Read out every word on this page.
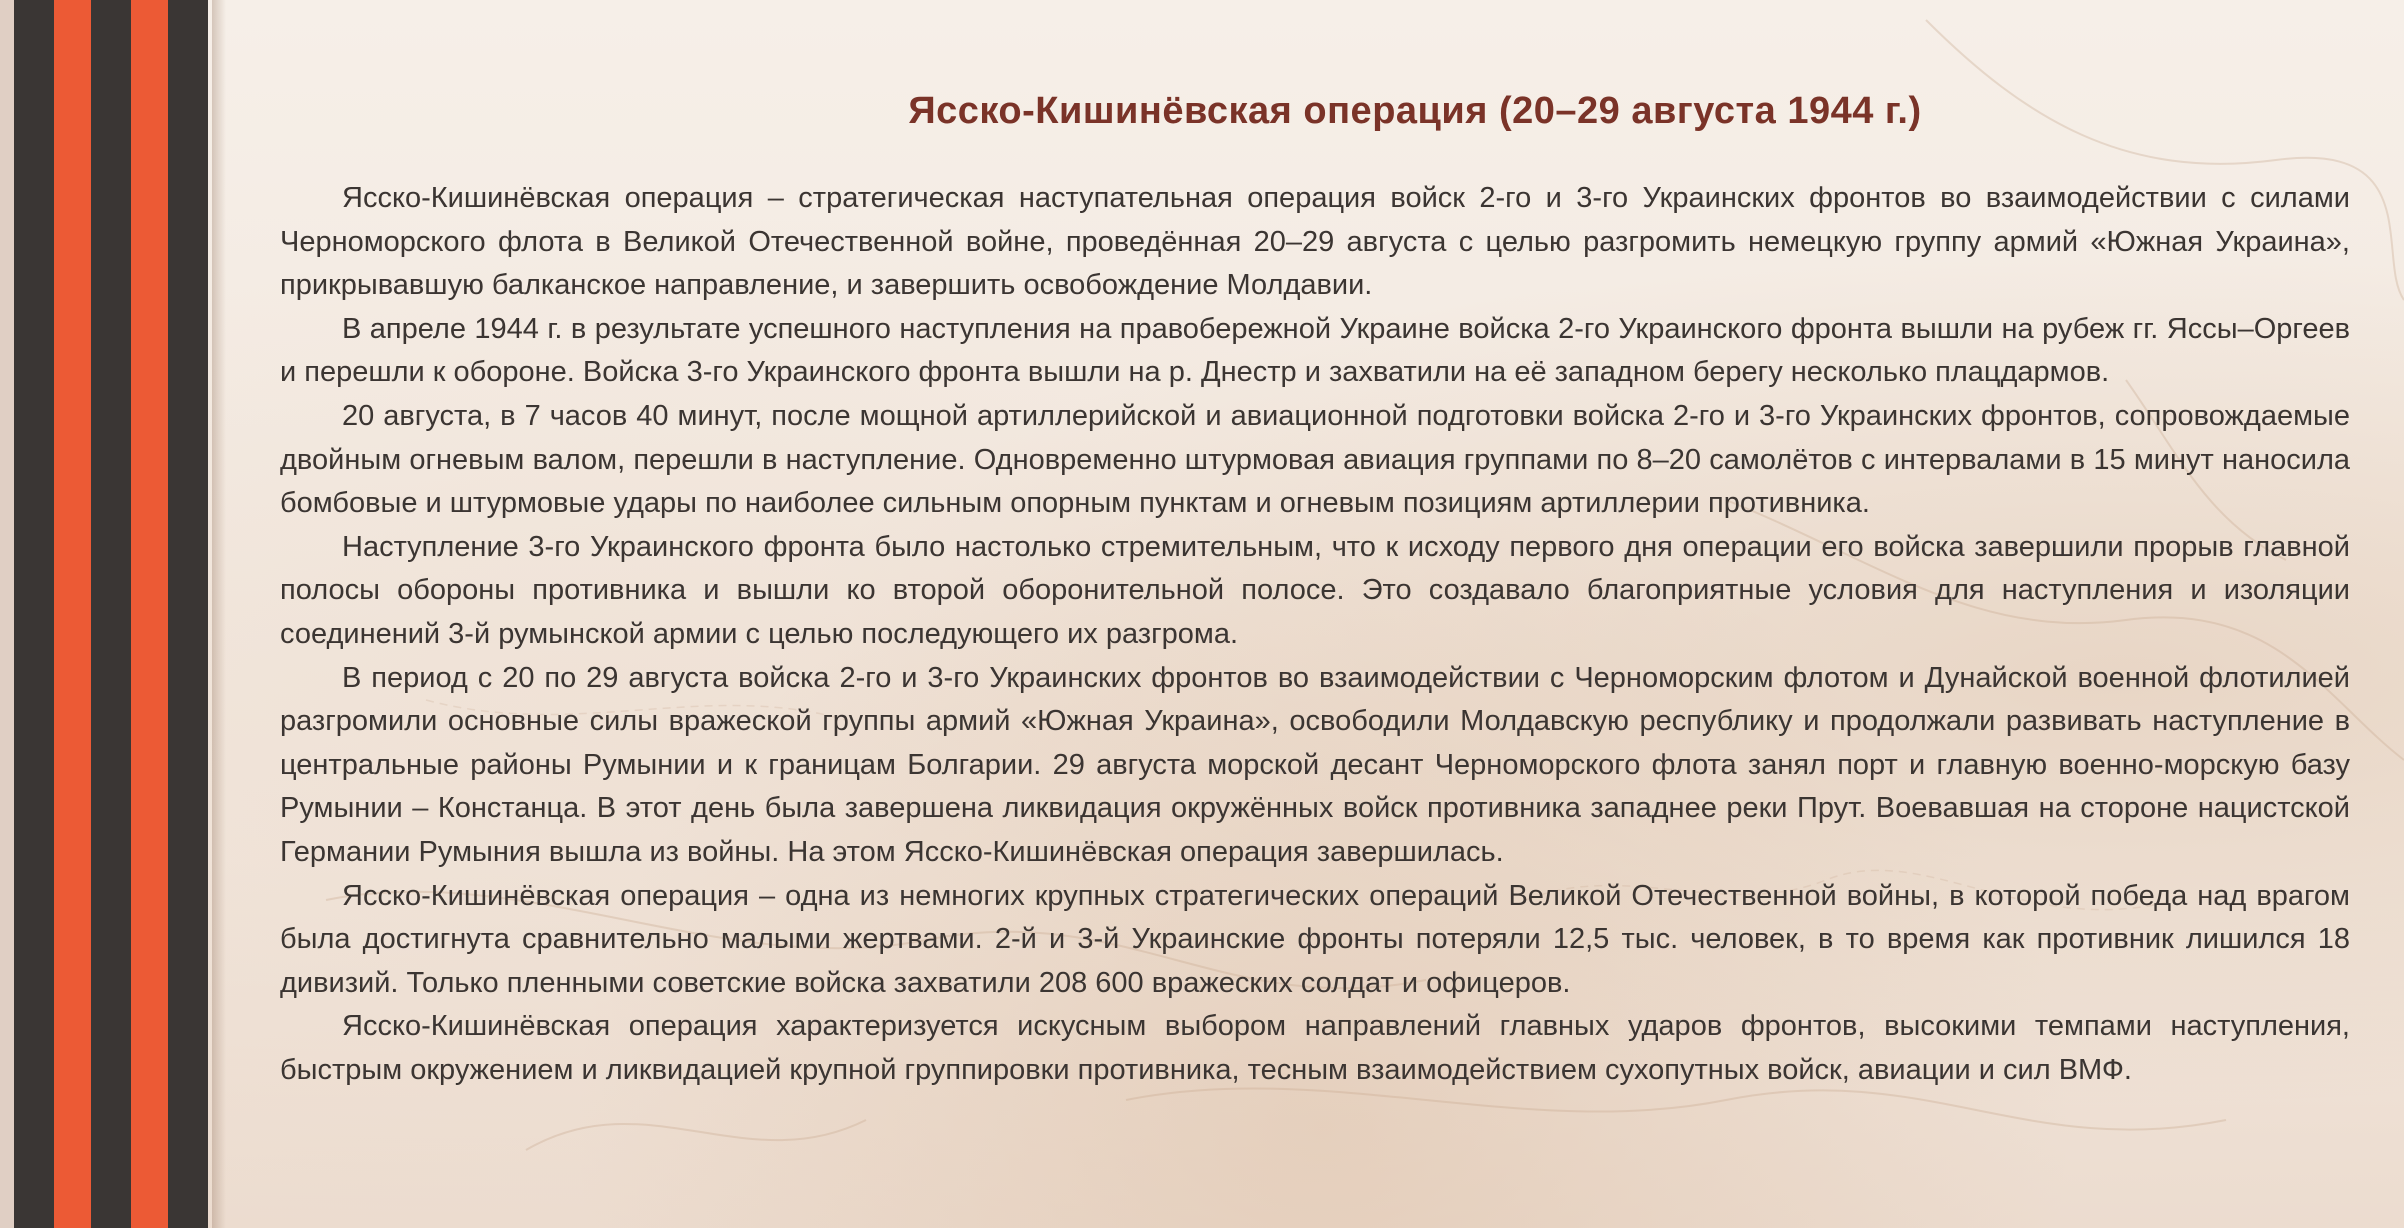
Ясско-Кишинёвская операция (20–29 августа 1944 г.)

Ясско-Кишинёвская операция – стратегическая наступательная операция войск 2-го и 3-го Украинских фронтов во взаимодействии с силами Черноморского флота в Великой Отечественной войне, проведённая 20–29 августа с целью разгромить немецкую группу армий «Южная Украина», прикрывавшую балканское направление, и завершить освобождение Молдавии.

В апреле 1944 г. в результате успешного наступления на правобережной Украине войска 2-го Украинского фронта вышли на рубеж гг. Яссы–Оргеев и перешли к обороне. Войска 3-го Украинского фронта вышли на р. Днестр и захватили на её западном берегу несколько плацдармов.

20 августа, в 7 часов 40 минут, после мощной артиллерийской и авиационной подготовки войска 2-го и 3-го Украинских фронтов, сопровождаемые двойным огневым валом, перешли в наступление. Одновременно штурмовая авиация группами по 8–20 самолётов с интервалами в 15 минут наносила бомбовые и штурмовые удары по наиболее сильным опорным пунктам и огневым позициям артиллерии противника.

Наступление 3-го Украинского фронта было настолько стремительным, что к исходу первого дня операции его войска завершили прорыв главной полосы обороны противника и вышли ко второй оборонительной полосе. Это создавало благоприятные условия для наступления и изоляции соединений 3-й румынской армии с целью последующего их разгрома.

В период с 20 по 29 августа войска 2-го и 3-го Украинских фронтов во взаимодействии с Черноморским флотом и Дунайской военной флотилией разгромили основные силы вражеской группы армий «Южная Украина», освободили Молдавскую республику и продолжали развивать наступление в центральные районы Румынии и к границам Болгарии. 29 августа морской десант Черноморского флота занял порт и главную военно-морскую базу Румынии – Констанца. В этот день была завершена ликвидация окружённых войск противника западнее реки Прут. Воевавшая на стороне нацистской Германии Румыния вышла из войны. На этом Ясско-Кишинёвская операция завершилась.

Ясско-Кишинёвская операция – одна из немногих крупных стратегических операций Великой Отечественной войны, в которой победа над врагом была достигнута сравнительно малыми жертвами. 2-й и 3-й Украинские фронты потеряли 12,5 тыс. человек, в то время как противник лишился 18 дивизий. Только пленными советские войска захватили 208 600 вражеских солдат и офицеров.

Ясско-Кишинёвская операция характеризуется искусным выбором направлений главных ударов фронтов, высокими темпами наступления, быстрым окружением и ликвидацией крупной группировки противника, тесным взаимодействием сухопутных войск, авиации и сил ВМФ.
